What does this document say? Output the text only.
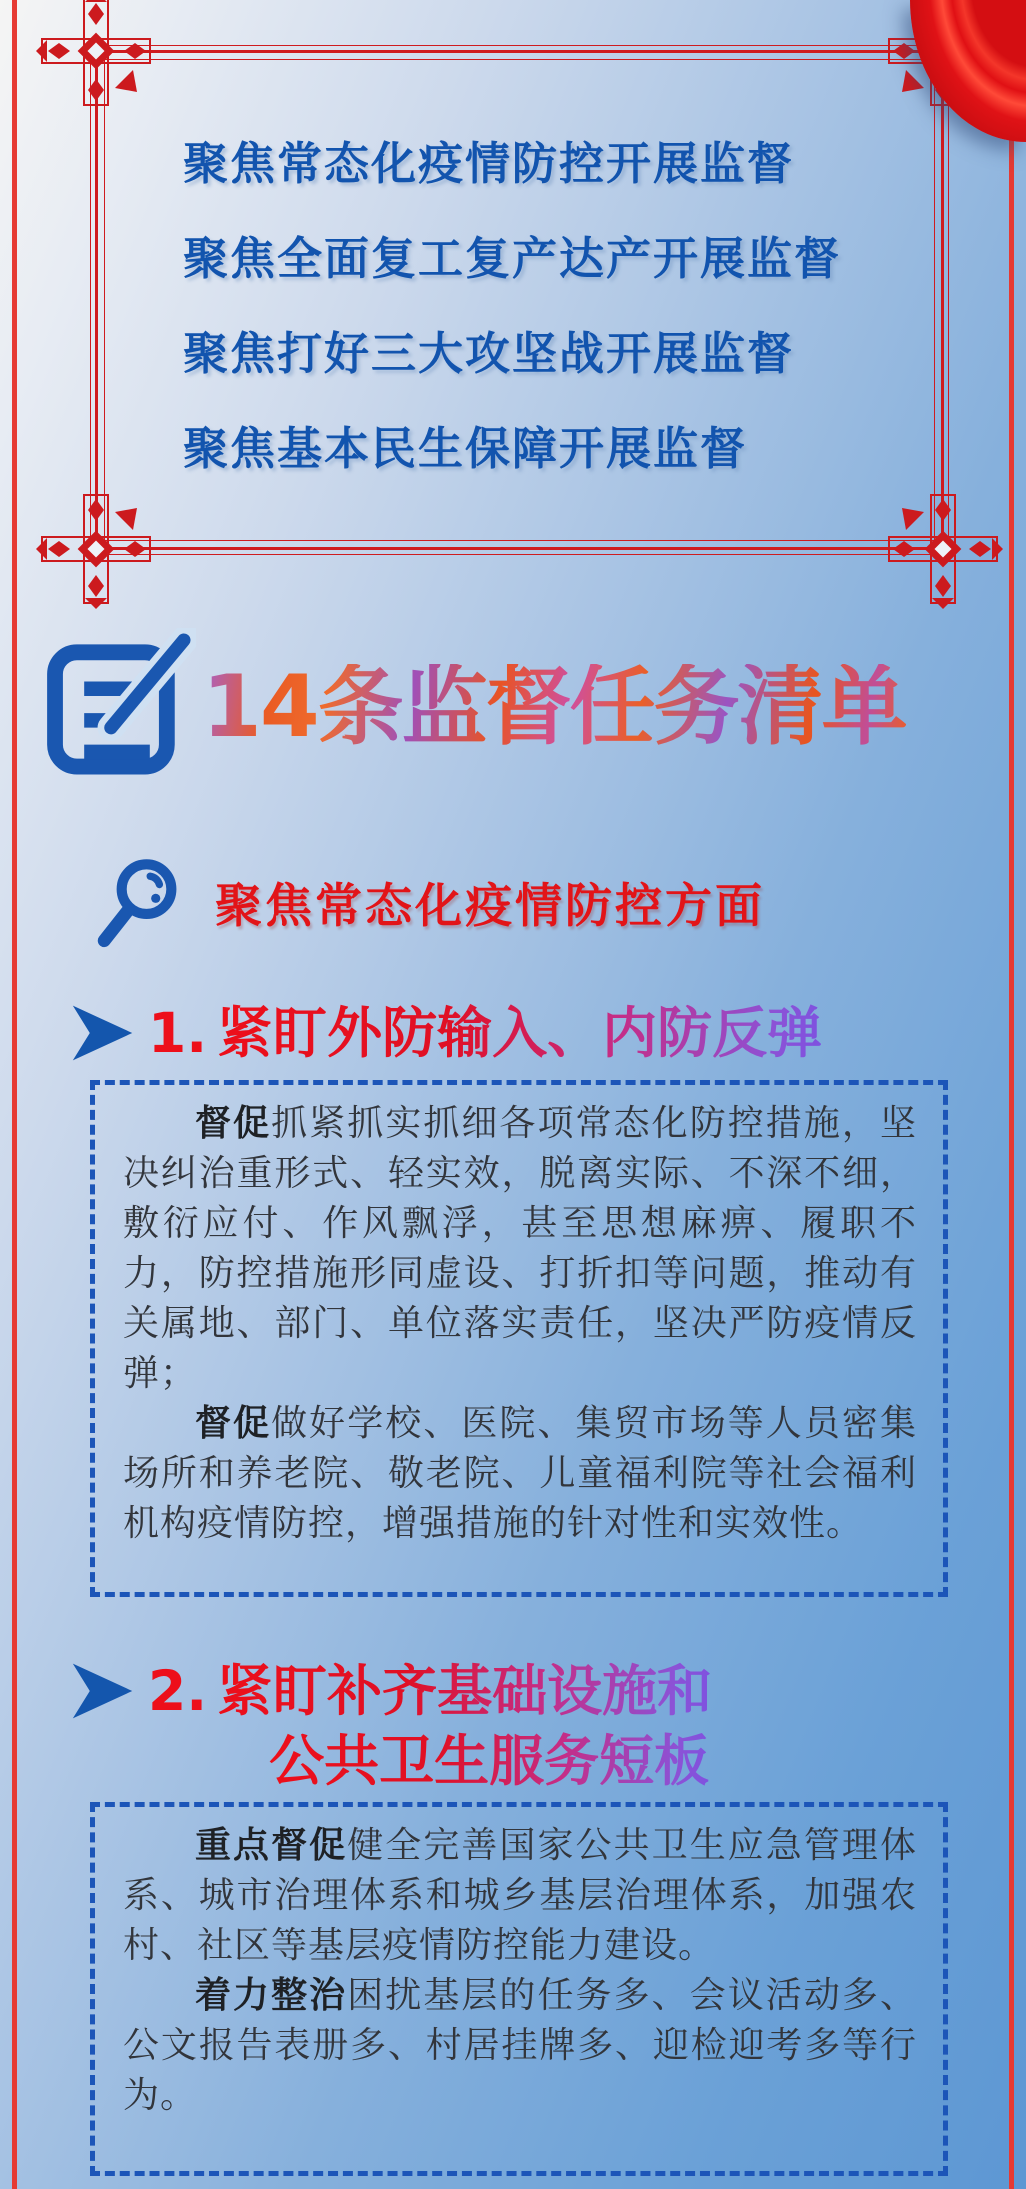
聚焦常态化疫情防控开展监督
聚焦全面复工复产达产开展监督
聚焦打好三大攻坚战开展监督
聚焦基本民生保障开展监督
14条监督任务清单
聚焦常态化疫情防控方面
1. 紧盯外防输入、内防反弹

督促抓紧抓实抓细各项常态化防控措施，坚决纠治重形式、轻实效，脱离实际、不深不细，敷衍应付、作风飘浮，甚至思想麻痹、履职不力，防控措施形同虚设、打折扣等问题，推动有关属地、部门、单位落实责任，坚决严防疫情反弹；

督促做好学校、医院、集贸市场等人员密集场所和养老院、敬老院、儿童福利院等社会福利机构疫情防控，增强措施的针对性和实效性。

2. 紧盯补齐基础设施和
公共卫生服务短板

重点督促健全完善国家公共卫生应急管理体系、城市治理体系和城乡基层治理体系，加强农村、社区等基层疫情防控能力建设。

着力整治困扰基层的任务多、会议活动多、公文报告表册多、村居挂牌多、迎检迎考多等行为。
